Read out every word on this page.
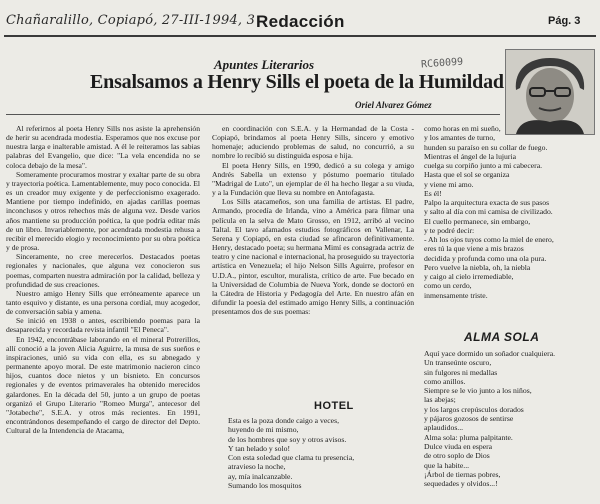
Chañaralillo, Copiapó, 27-III-1994, 3 Redacción	Pág. 3
Apuntes Literarios	RC60099
Ensalsamos a Henry Sills el poeta de la Humildad
Oriel Alvarez Gómez

Al referirnos al poeta Henry Sills nos asiste la aprehensión de herir su acendrada modestia. Esperamos que nos excuse por nuestra larga e inalterable amistad. A él le reiteramos las sabias palabras del Evangelio, que dice: "La vela encendida no se coloca debajo de la mesa".

Someramente procuramos mostrar y exaltar parte de su obra y trayectoria poética. Lamentablemente, muy poco conocida. El es un creador muy exigente y de perfeccionismo exagerado. Mantiene por tiempo indefinido, en ajadas carillas poemas inconclusos y otros rehechos más de alguna vez. Desde varios años mantiene su producción poética, la que podría editar más de un libro. Invariablemente, por acendrada modestia rehusa a recibir el merecido elogio y reconocimiento por su obra poética y de prosa.

Sinceramente, no cree merecerlos. Destacados poetas regionales y nacionales, que alguna vez conocieron sus poemas, comparten nuestra admiración por la calidad, belleza y profundidad de sus creaciones.

Nuestro amigo Henry Sills que erróneamente aparece un tanto esquivo y distante, es una persona cordial, muy acogedor, de conversación sabia y amena.

Se inició en 1938 o antes, escribiendo poemas para la desaparecida y recordada revista infantil "El Peneca".

En 1942, encontrábase laborando en el mineral Potrerillos, allí conoció a la joven Alicia Aguirre, la musa de sus sueños e inspiraciones, unió su vida con ella, es su abnegado y permanente apoyo moral. De este matrimonio nacieron cinco hijos, cuantos doce nietos y un bisnieto. En concursos regionales y de eventos primaverales ha obtenido merecidos galardones. En la década del 50, junto a un grupo de poetas organizó el Grupo Literario "Romeo Murga", antecesor del "Jotabeche", S.E.A. y otros más recientes. En 1991, encontrándonos desempeñando el cargo de director del Depto. Cultural de la Intendencia de Atacama,

en coordinación con S.E.A. y la Hermandad de la Costa - Copiapó, brindamos al poeta Henry Sills, sincero y emotivo homenaje; aduciendo problemas de salud, no concurrió, a su nombre lo recibió su distinguida esposa e hija.

El poeta Henry Sills, en 1990, dedicó a su colega y amigo Andrés Sabella un extenso y póstumo poemario titulado "Madrigal de Luto", un ejemplar de él ha hecho llegar a su viuda, y a la Fundación que lleva su nombre en Antofagasta.

Los Sills atacameños, son una familia de artistas. El padre, Armando, procedía de Irlanda, vino a América para filmar una película en la selva de Mato Grosso, en 1912, arribó al vecino Taltal. El tavo afamados estudios fotográficos en Vallenar, La Serena y Copiapó, en esta ciudad se afincaron definitivamente. Henry, destacado poeta; su hermana Mimí es consagrada actriz de teatro y cine nacional e internacional, ha proseguido su trayectoria artística en Venezuela; el hijo Nelson Sills Aguirre, profesor en U.D.A., pintor, escultor, muralista, crítico de arte. Fue becado en la Universidad de Columbia de Nueva York, donde se doctoró en la Cátedra de Historia y Pedagogía del Arte. En nuestro afán en difundir la poesía del estimado amigo Henry Sills, a continuación presentamos dos de sus poemas:

HOTEL
Esta es la poza donde caigo a veces,
huyendo de mi mismo,
de los hombres que soy y otros avisos.
Y tan helado y solo!
Con esta soledad que clama tu presencia,
atravieso la noche,
ay, mía inalcanzable.
Sumando los mosquitos
como horas en mi sueño,
y los amantes de turno,
hunden su paraíso en su collar de fuego.
Mientras el ángel de la lujuria
cuelga su corpiño junto a mi cabecera.
Hasta que el sol se organiza
y viene mi amo.
Es él!
Palpo la arquitectura exacta de sus pasos
y salto al día con mi camisa de civilizado.
El cuello permanece, sin embargo,
y te podré decir:
- Ah los ojos tuyos como la miel de enero,
eres tú la que viene a mis brazos
decidida y profunda como una ola pura.
Pero vuelve la niebla, oh, la niebla
y caigo al cielo irremediable,
como un cerdo,
inmensamente triste.
ALMA SOLA
Aquí yace dormido un soñador cualquiera.
Un transeúnte oscuro,
sin fulgores ni medallas
como anillos.
Siempre se le vio junto a los niños,
las abejas;
y los largos crepúsculos dorados
y pájaros gozosos de sentirse
aplaudidos...
Alma sola: pluma palpitante.
Dulce viuda en espera
de otro soplo de Dios
que la habite...
¡Árbol de tiernas pobres,
sequedades y olvidos...!
